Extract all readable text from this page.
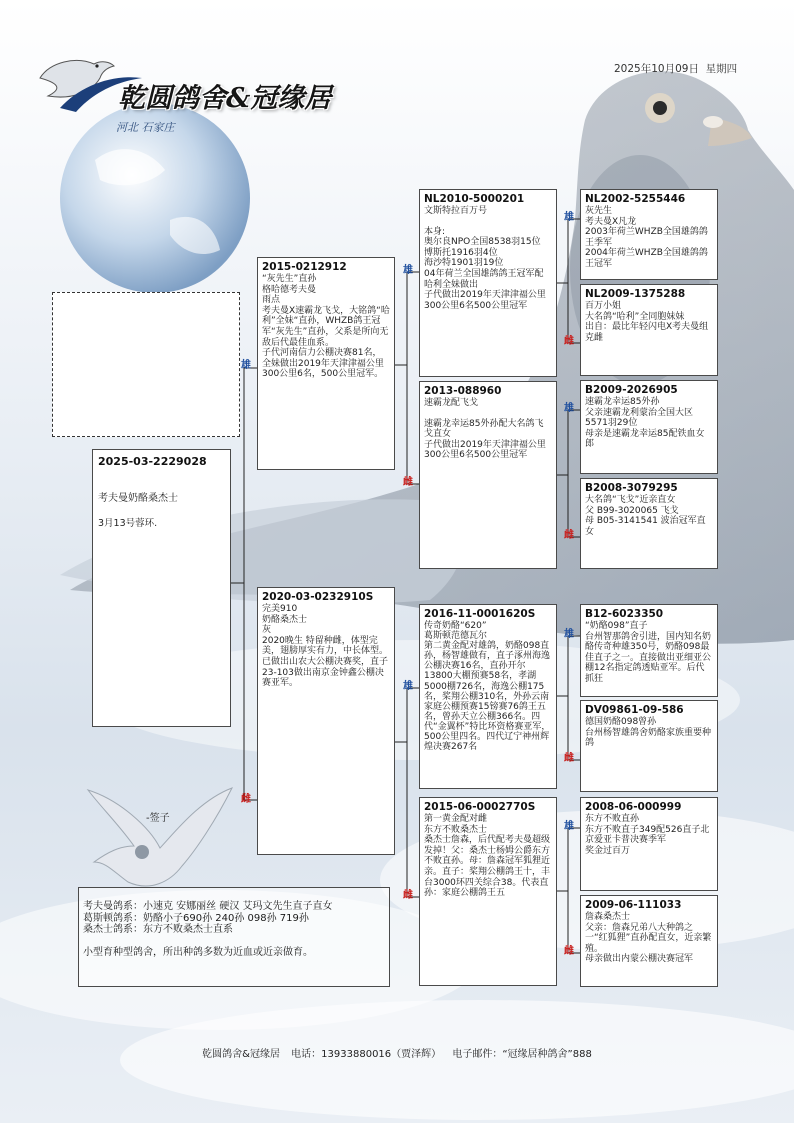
乾圆鸽舍&冠缘居
河北 石家庄
2025年10月09日  星期四
2025-03-2229028
考夫曼奶酪桑杰士
3月13号蓉环.
-签子
2015-0212912
“灰先生”直孙
格哈德考夫曼
雨点
考夫曼X速霸龙飞戈，大铭鸽“哈利”全妹“直孙，WHZB鸽王冠军“灰先生”直孙，父系是所向无敌后代最佳血系。
子代河南信力公棚决赛81名，全妹做出2019年天津津福公里300公里6名，500公里冠军。
2020-03-0232910S
完美910
奶酪桑杰士
灰
2020晚生 特留种雌，体型完美，翅膀厚实有力，中长体型。已做出山农大公棚决赛奖，直子23-103做出南京金钟鑫公棚决赛亚军。
NL2010-5000201
文斯特拉百万号
本身:
奥尔良NPO全国8538羽15位
博斯托1916羽4位
海沙特1901羽19位
04年荷兰全国雄鸽鸽王冠军配哈利全妹做出
子代做出2019年天津津福公里300公里6名500公里冠军
2013-088960
速霸龙配飞戈
速霸龙幸运85外孙配大名鸽飞戈直女
子代做出2019年天津津福公里300公里6名500公里冠军
2016-11-0001620S
传奇奶酪“620”
葛斯顿范德瓦尔
第二黄金配对雄鸽，奶酪098直孙，杨智雄做有，直子涿州海逸公棚决赛16名，直孙开尔13800大棚预赛58名，孝湖5000棚726名，海逸公棚175名，桨翔公棚310名，外孙云南家庭公棚预赛15镑赛76鸽王五名，曾孙天立公棚366名。四代“金翼杯”特比环资格赛亚军，500公里四名。四代辽宁神州辉煌决赛267名
2015-06-0002770S
第一黄金配对雌
东方不败桑杰士
桑杰士詹森，后代配考夫曼超级发掉！父：桑杰士杨姆公爵东方不败直孙。母：詹森冠军狐狸近亲。直子：桨翔公棚鸽王十，丰台3000环四关综合38。代表直孙：家庭公棚鸽王五
NL2002-5255446
灰先生
考夫曼X凡龙
2003年荷兰WHZB全国雄鸽鸽王季军
2004年荷兰WHZB全国雄鸽鸽王冠军
NL2009-1375288
百万小姐
大名鸽“哈利”全同胞妹妹
出自：最比年轻闪电X考夫曼组克雌
B2009-2026905
速霸龙幸运85外孙
父亲速霸龙利蒙治全国大区5571羽29位
母亲是速霸龙幸运85配铁血女郎
B2008-3079295
大名鸽“飞戈”近亲直女
父 B99-3020065 飞戈
母 B05-3141541 波治冠军直女
B12-6023350
“奶酪098”直子
台州智那鸽舍引进，国内知名奶酪传奇种雄350号，奶酪098最佳直子之一。直接做出亚细亚公棚12名指定鸽透贴亚军。后代抓狂
DV09861-09-586
德国奶酪098曾孙
台州杨智雄鸽舍奶酪家族重要种鸽
2008-06-000999
东方不败直孙
东方不败直子349配526直子北京爱亚卡普决赛季军
奖金过百万
2009-06-111033
詹森桑杰士
父亲：詹森兄弟八大种鸽之一“红狐狸”直孙配直女，近亲繁殖。
母亲做出内蒙公棚决赛冠军
雄
雌
雄
雌
雄
雌
雄
雌
雄
雌
雄
雌
雄
雌
考夫曼鸽系：小速克 安娜丽丝 硬汉 艾玛文先生直子直女
葛斯顿鸽系：奶酪小子690孙 240孙 098孙 719孙
桑杰士鸽系：东方不败桑杰士直系
小型育种型鸽舍，所出种鸽多数为近血或近亲做育。
乾圆鸽舍&冠缘居 电话：13933880016（贾泽辉） 电子邮件：“冠缘居种鸽舍”888
